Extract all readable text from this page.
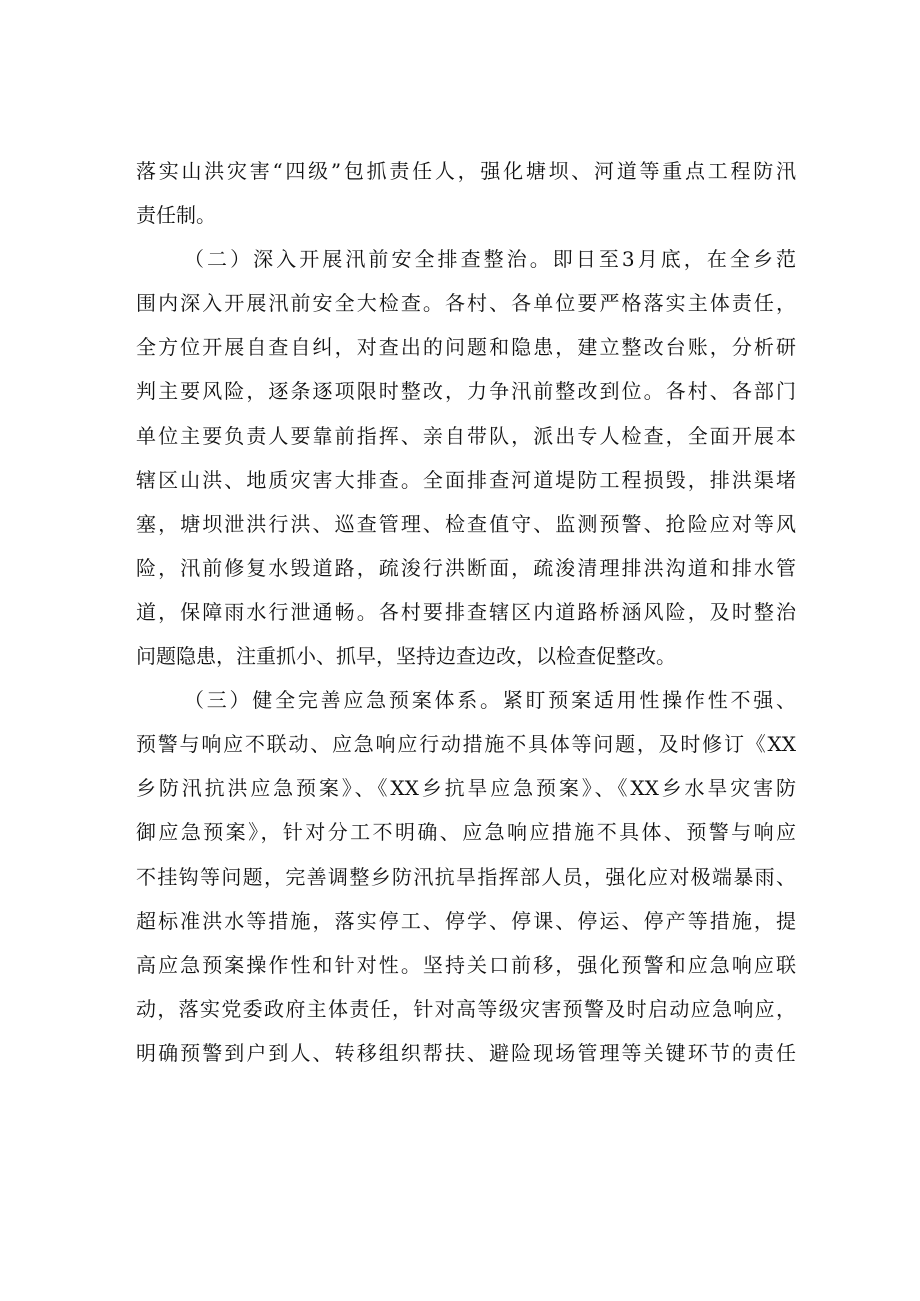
落实山洪灾害“四级”包抓责任人，强化塘坝、河道等重点工程防汛
责任制。
（二）深入开展汛前安全排查整治。即日至3月底，在全乡范
围内深入开展汛前安全大检查。各村、各单位要严格落实主体责任，
全方位开展自查自纠，对查出的问题和隐患，建立整改台账，分析研
判主要风险，逐条逐项限时整改，力争汛前整改到位。各村、各部门
单位主要负责人要靠前指挥、亲自带队，派出专人检查，全面开展本
辖区山洪、地质灾害大排查。全面排查河道堤防工程损毁，排洪渠堵
塞，塘坝泄洪行洪、巡查管理、检查值守、监测预警、抢险应对等风
险，汛前修复水毁道路，疏浚行洪断面，疏浚清理排洪沟道和排水管
道，保障雨水行泄通畅。各村要排查辖区内道路桥涵风险，及时整治
问题隐患，注重抓小、抓早，坚持边查边改，以检查促整改。
（三）健全完善应急预案体系。紧盯预案适用性操作性不强、
预警与响应不联动、应急响应行动措施不具体等问题，及时修订《XX
乡防汛抗洪应急预案》、《XX乡抗旱应急预案》、《XX乡水旱灾害防
御应急预案》，针对分工不明确、应急响应措施不具体、预警与响应
不挂钩等问题，完善调整乡防汛抗旱指挥部人员，强化应对极端暴雨、
超标准洪水等措施，落实停工、停学、停课、停运、停产等措施，提
高应急预案操作性和针对性。坚持关口前移，强化预警和应急响应联
动，落实党委政府主体责任，针对高等级灾害预警及时启动应急响应，
明确预警到户到人、转移组织帮扶、避险现场管理等关键环节的责任
